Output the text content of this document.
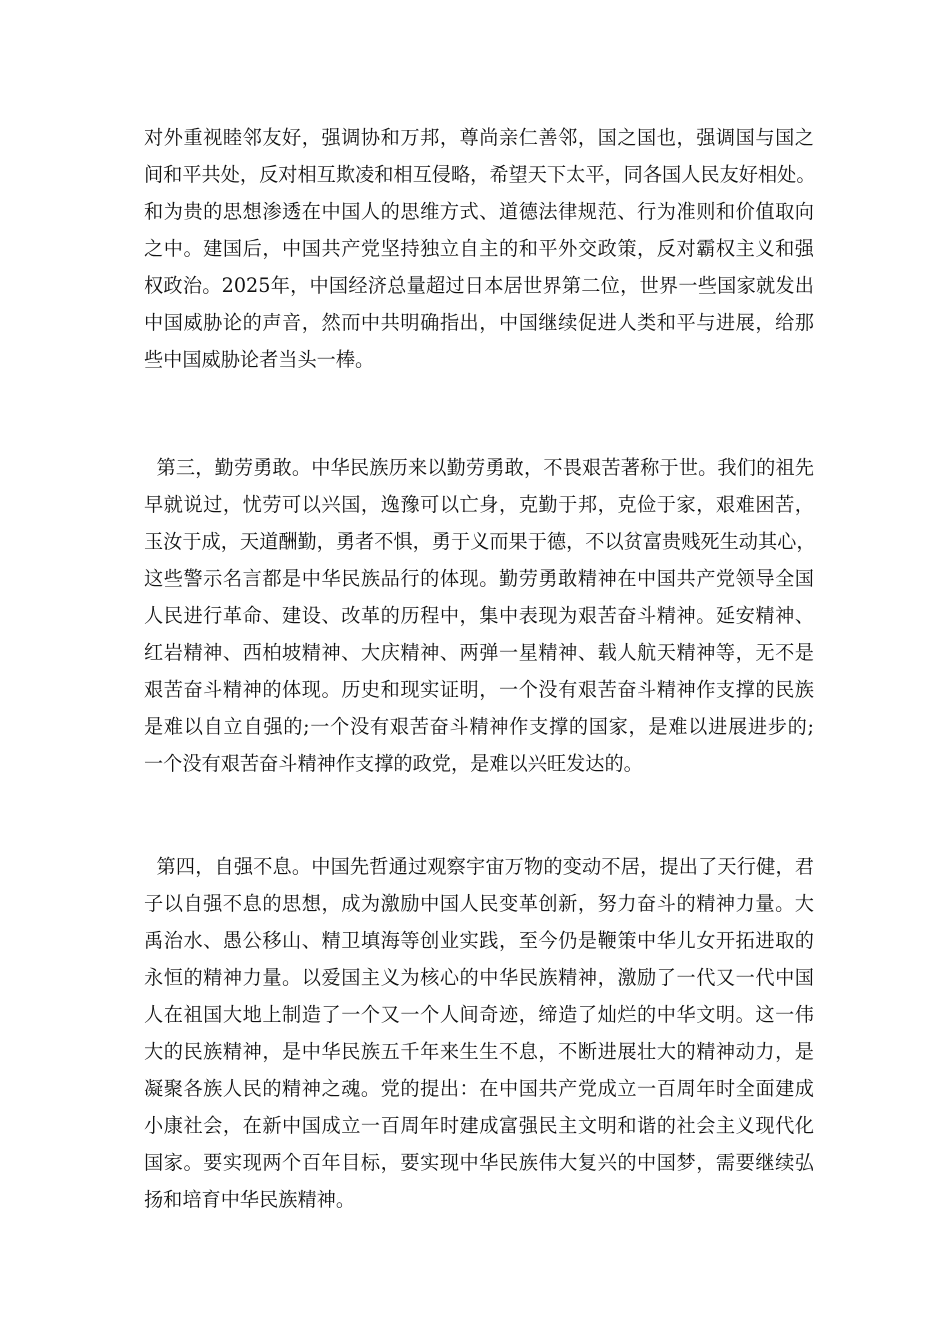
对外重视睦邻友好，强调协和万邦，尊尚亲仁善邻，国之国也，强调国与国之
间和平共处，反对相互欺凌和相互侵略，希望天下太平，同各国人民友好相处。
和为贵的思想渗透在中国人的思维方式、道德法律规范、行为准则和价值取向
之中。建国后，中国共产党坚持独立自主的和平外交政策，反对霸权主义和强
权政治。2025年，中国经济总量超过日本居世界第二位，世界一些国家就发出
中国威胁论的声音，然而中共明确指出，中国继续促进人类和平与进展，给那
些中国威胁论者当头一棒。
第三，勤劳勇敢。中华民族历来以勤劳勇敢，不畏艰苦著称于世。我们的祖先
早就说过，忧劳可以兴国，逸豫可以亡身，克勤于邦，克俭于家，艰难困苦，
玉汝于成，天道酬勤，勇者不惧，勇于义而果于德，不以贫富贵贱死生动其心，
这些警示名言都是中华民族品行的体现。勤劳勇敢精神在中国共产党领导全国
人民进行革命、建设、改革的历程中，集中表现为艰苦奋斗精神。延安精神、
红岩精神、西柏坡精神、大庆精神、两弹一星精神、载人航天精神等，无不是
艰苦奋斗精神的体现。历史和现实证明，一个没有艰苦奋斗精神作支撑的民族
是难以自立自强的;一个没有艰苦奋斗精神作支撑的国家，是难以进展进步的;
一个没有艰苦奋斗精神作支撑的政党，是难以兴旺发达的。
第四，自强不息。中国先哲通过观察宇宙万物的变动不居，提出了天行健，君
子以自强不息的思想，成为激励中国人民变革创新，努力奋斗的精神力量。大
禹治水、愚公移山、精卫填海等创业实践，至今仍是鞭策中华儿女开拓进取的
永恒的精神力量。以爱国主义为核心的中华民族精神，激励了一代又一代中国
人在祖国大地上制造了一个又一个人间奇迹，缔造了灿烂的中华文明。这一伟
大的民族精神，是中华民族五千年来生生不息，不断进展壮大的精神动力，是
凝聚各族人民的精神之魂。党的提出：在中国共产党成立一百周年时全面建成
小康社会，在新中国成立一百周年时建成富强民主文明和谐的社会主义现代化
国家。要实现两个百年目标，要实现中华民族伟大复兴的中国梦，需要继续弘
扬和培育中华民族精神。
